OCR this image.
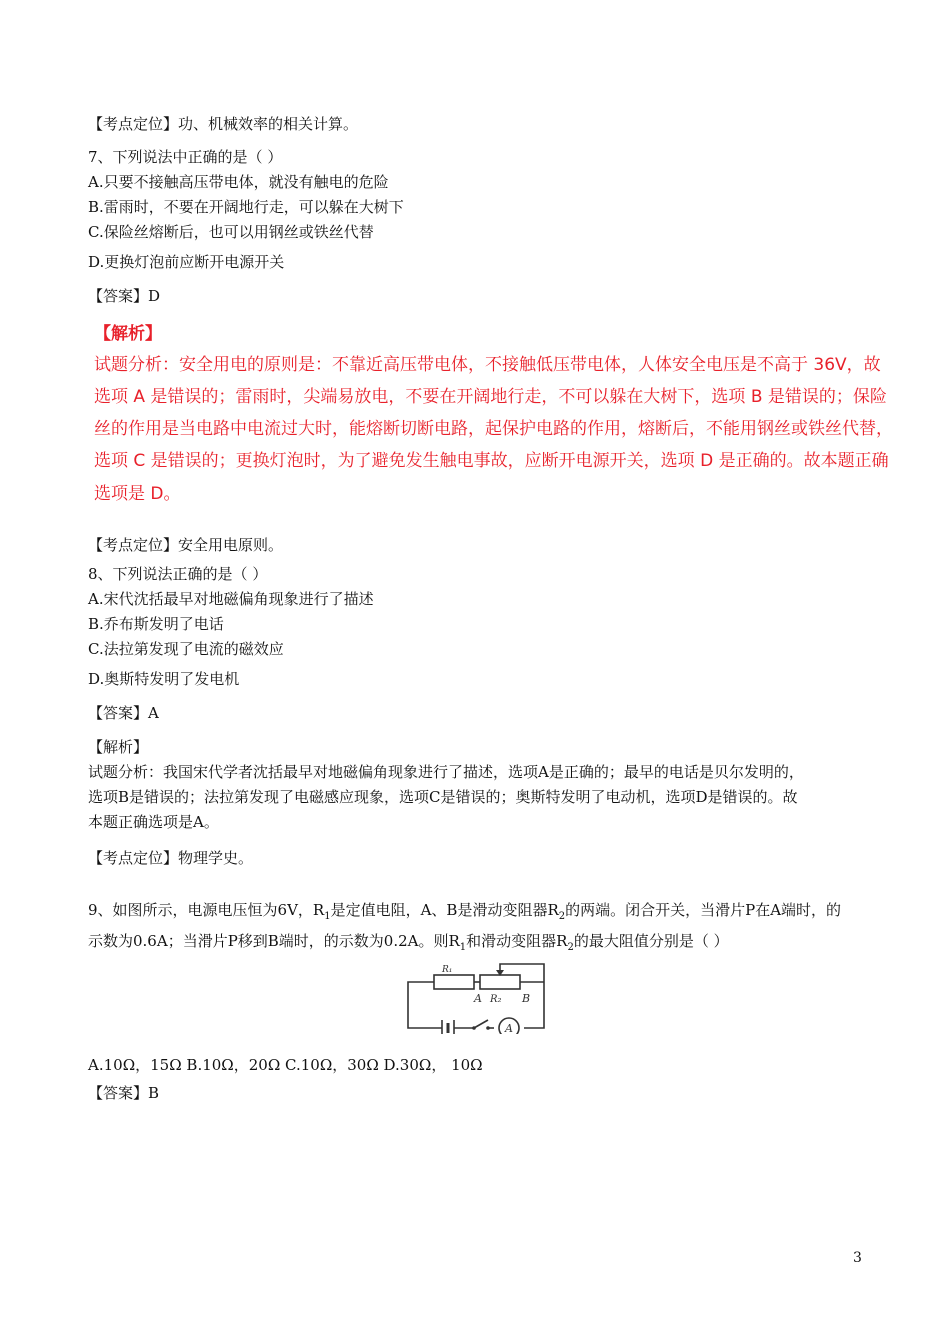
【考点定位】功、机械效率的相关计算。
7、下列说法中正确的是（ ）
A.只要不接触高压带电体，就没有触电的危险
B.雷雨时，不要在开阔地行走，可以躲在大树下
C.保险丝熔断后，也可以用钢丝或铁丝代替
D.更换灯泡前应断开电源开关
【答案】D
【解析】
试题分析：安全用电的原则是：不靠近高压带电体，不接触低压带电体，人体安全电压是不高于 36V，故
选项 A 是错误的；雷雨时，尖端易放电，不要在开阔地行走，不可以躲在大树下，选项 B 是错误的；保险
丝的作用是当电路中电流过大时，能熔断切断电路，起保护电路的作用，熔断后，不能用钢丝或铁丝代替，
选项 C 是错误的；更换灯泡时，为了避免发生触电事故，应断开电源开关，选项 D 是正确的。故本题正确
选项是 D。
【考点定位】安全用电原则。
8、下列说法正确的是（ ）
A.宋代沈括最早对地磁偏角现象进行了描述
B.乔布斯发明了电话
C.法拉第发现了电流的磁效应
D.奥斯特发明了发电机
【答案】A
【解析】
试题分析：我国宋代学者沈括最早对地磁偏角现象进行了描述，选项A是正确的；最早的电话是贝尔发明的，
选项B是错误的；法拉第发现了电磁感应现象，选项C是错误的；奥斯特发明了电动机，选项D是错误的。故
本题正确选项是A。
【考点定位】物理学史。
9、如图所示，电源电压恒为6V，$R_1$是定值电阻，A、B是滑动变阻器$R_2$的两端。闭合开关，当滑片P在A端时，的
示数为0.6A；当滑片P移到B端时，的示数为0.2A。则$R_1$和滑动变阻器$R_2$的最大阻值分别是（ ）
R₁
A R₂ B
A
A.10Ω，15Ω B.10Ω，20Ω C.10Ω，30Ω D.30Ω， 10Ω
【答案】B
3
